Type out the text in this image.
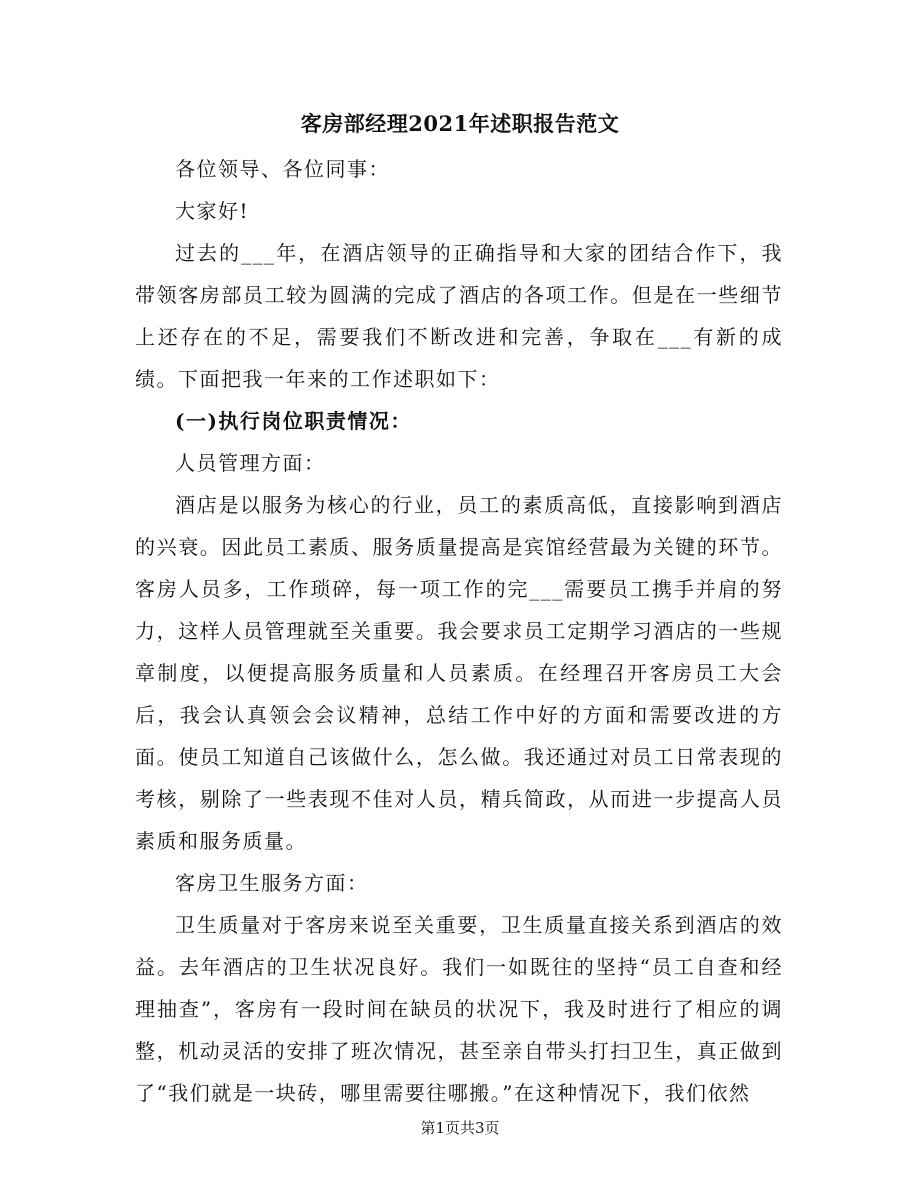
客房部经理2021年述职报告范文

各位领导、各位同事：

大家好!

过去的___年，在酒店领导的正确指导和大家的团结合作下，我带领客房部员工较为圆满的完成了酒店的各项工作。但是在一些细节上还存在的不足，需要我们不断改进和完善，争取在___有新的成绩。下面把我一年来的工作述职如下：

(一)执行岗位职责情况：

人员管理方面：

酒店是以服务为核心的行业，员工的素质高低，直接影响到酒店的兴衰。因此员工素质、服务质量提高是宾馆经营最为关键的环节。客房人员多，工作琐碎，每一项工作的完___需要员工携手并肩的努力，这样人员管理就至关重要。我会要求员工定期学习酒店的一些规章制度，以便提高服务质量和人员素质。在经理召开客房员工大会后，我会认真领会会议精神，总结工作中好的方面和需要改进的方面。使员工知道自己该做什么，怎么做。我还通过对员工日常表现的考核，剔除了一些表现不佳对人员，精兵简政，从而进一步提高人员素质和服务质量。

客房卫生服务方面：

卫生质量对于客房来说至关重要，卫生质量直接关系到酒店的效益。去年酒店的卫生状况良好。我们一如既往的坚持“员工自查和经理抽查”，客房有一段时间在缺员的状况下，我及时进行了相应的调整，机动灵活的安排了班次情况，甚至亲自带头打扫卫生，真正做到了“我们就是一块砖，哪里需要往哪搬。”在这种情况下，我们依然

第1页共3页
